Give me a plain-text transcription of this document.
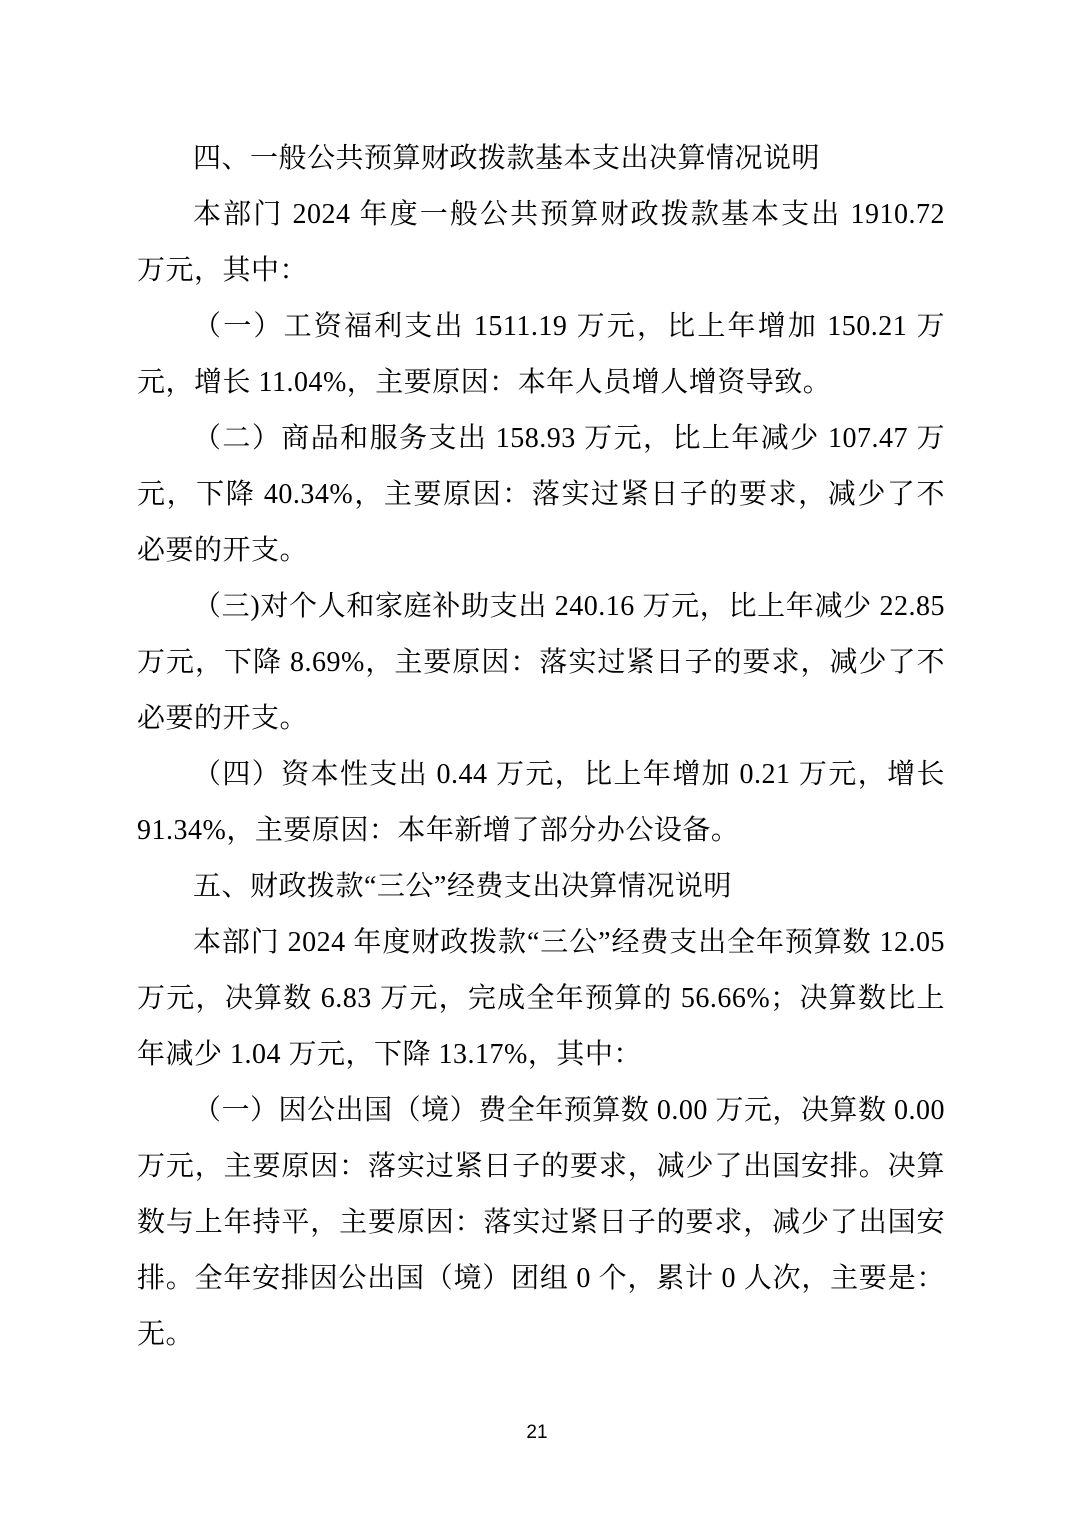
四、一般公共预算财政拨款基本支出决算情况说明

本部门 2024 年度一般公共预算财政拨款基本支出 1910.72 万元，其中：

（一）工资福利支出 1511.19 万元，比上年增加 150.21 万元，增长 11.04%，主要原因：本年人员增人增资导致。

（二）商品和服务支出 158.93 万元，比上年减少 107.47 万元，下降 40.34%，主要原因：落实过紧日子的要求，减少了不必要的开支。

（三)对个人和家庭补助支出 240.16 万元，比上年减少 22.85 万元，下降 8.69%，主要原因：落实过紧日子的要求，减少了不必要的开支。

（四）资本性支出 0.44 万元，比上年增加 0.21 万元，增长 91.34%，主要原因：本年新增了部分办公设备。

五、财政拨款“三公”经费支出决算情况说明

本部门 2024 年度财政拨款“三公”经费支出全年预算数 12.05 万元，决算数 6.83 万元，完成全年预算的 56.66%；决算数比上年减少 1.04 万元，下降 13.17%，其中：

（一）因公出国（境）费全年预算数 0.00 万元，决算数 0.00 万元，主要原因：落实过紧日子的要求，减少了出国安排。决算数与上年持平，主要原因：落实过紧日子的要求，减少了出国安排。全年安排因公出国（境）团组 0 个，累计 0 人次，主要是：无。

21
